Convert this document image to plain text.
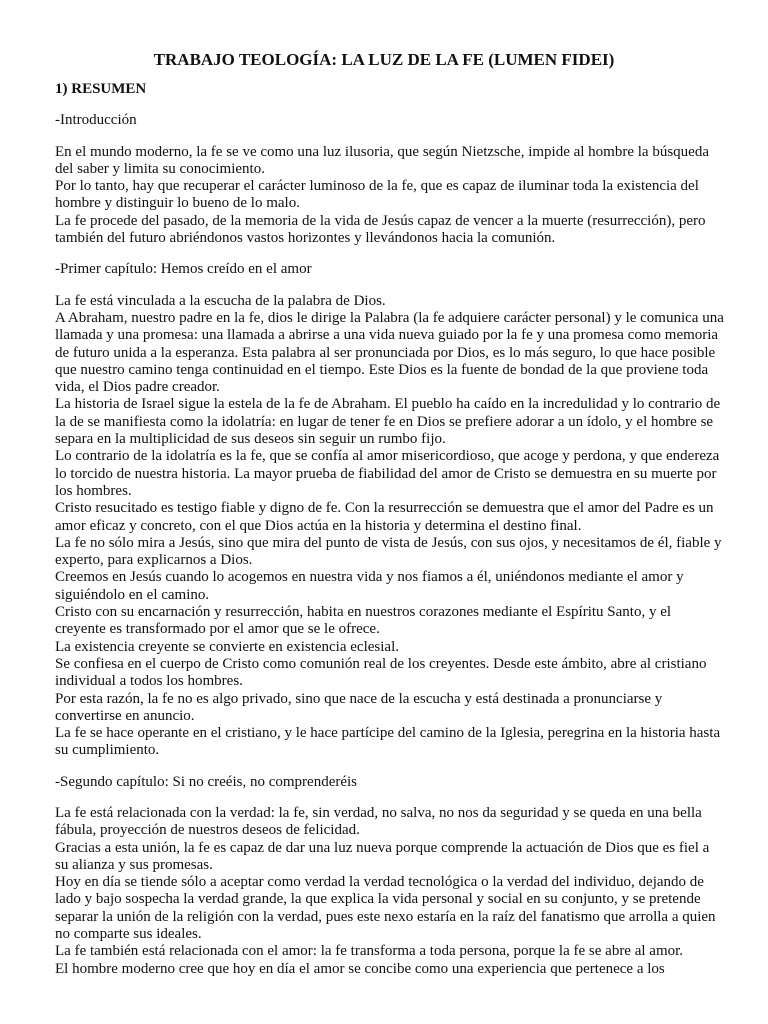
TRABAJO TEOLOGÍA: LA LUZ DE LA FE (LUMEN FIDEI)

1) RESUMEN

-Introducción

En el mundo moderno, la fe se ve como una luz ilusoria, que según Nietzsche, impide al hombre la búsqueda del saber y limita su conocimiento.

Por lo tanto, hay que recuperar el carácter luminoso de la fe, que es capaz de iluminar toda la existencia del hombre y distinguir lo bueno de lo malo.

La fe procede del pasado, de la memoria de la vida de Jesús capaz de vencer a la muerte (resurrección), pero también del futuro abriéndonos vastos horizontes y llevándonos hacia la comunión.

-Primer capítulo: Hemos creído en el amor

La fe está vinculada a la escucha de la palabra de Dios.

A Abraham, nuestro padre en la fe, dios le dirige la Palabra (la fe adquiere carácter personal) y le comunica una llamada y una promesa: una llamada a abrirse a una vida nueva guiado por la fe y una promesa como memoria de futuro unida a la esperanza. Esta palabra al ser pronunciada por Dios, es lo más seguro, lo que hace posible que nuestro camino tenga continuidad en el tiempo. Este Dios es la fuente de bondad de la que proviene toda vida, el Dios padre creador.

La historia de Israel sigue la estela de la fe de Abraham. El pueblo ha caído en la incredulidad y lo contrario de la de se manifiesta como la idolatría: en lugar de tener fe en Dios se prefiere adorar a un ídolo, y el hombre se separa en la multiplicidad de sus deseos sin seguir un rumbo fijo.

Lo contrario de la idolatría es la fe, que se confía al amor misericordioso, que acoge y perdona, y que endereza lo torcido de nuestra historia. La mayor prueba de fiabilidad del amor de Cristo se demuestra en su muerte por los hombres.

Cristo resucitado es testigo fiable y digno de fe. Con la resurrección se demuestra que el amor del Padre es un amor eficaz y concreto, con el que Dios actúa en la historia y determina el destino final.

La fe no sólo mira a Jesús, sino que mira del punto de vista de Jesús, con sus ojos, y necesitamos de él, fiable y experto, para explicarnos a Dios.

Creemos en Jesús cuando lo acogemos en nuestra vida y nos fiamos a él, uniéndonos mediante el amor y siguiéndolo en el camino.

Cristo con su encarnación y resurrección, habita en nuestros corazones mediante el Espíritu Santo, y el creyente es transformado por el amor que se le ofrece.

La existencia creyente se convierte en existencia eclesial.

Se confiesa en el cuerpo de Cristo como comunión real de los creyentes. Desde este ámbito, abre al cristiano individual a todos los hombres.

Por esta razón, la fe no es algo privado, sino que nace de la escucha y está destinada a pronunciarse y convertirse en anuncio.

La fe se hace operante en el cristiano, y le hace partícipe del camino de la Iglesia, peregrina en la historia hasta su cumplimiento.

-Segundo capítulo: Si no creéis, no comprenderéis

La fe está relacionada con la verdad: la fe, sin verdad, no salva, no nos da seguridad y se queda en una bella fábula, proyección de nuestros deseos de felicidad.

Gracias a esta unión, la fe es capaz de dar una luz nueva porque comprende la actuación de Dios que es fiel a su alianza y sus promesas.

Hoy en día se tiende sólo a aceptar como verdad la verdad tecnológica o la verdad del individuo, dejando de lado y bajo sospecha la verdad grande, la que explica la vida personal y social en su conjunto, y se pretende separar la unión de la religión con la verdad, pues este nexo estaría en la raíz del fanatismo que arrolla a quien no comparte sus ideales.

La fe también está relacionada con el amor: la fe transforma a toda persona, porque la fe se abre al amor.

El hombre moderno cree que hoy en día el amor se concibe como una experiencia que pertenece a los
